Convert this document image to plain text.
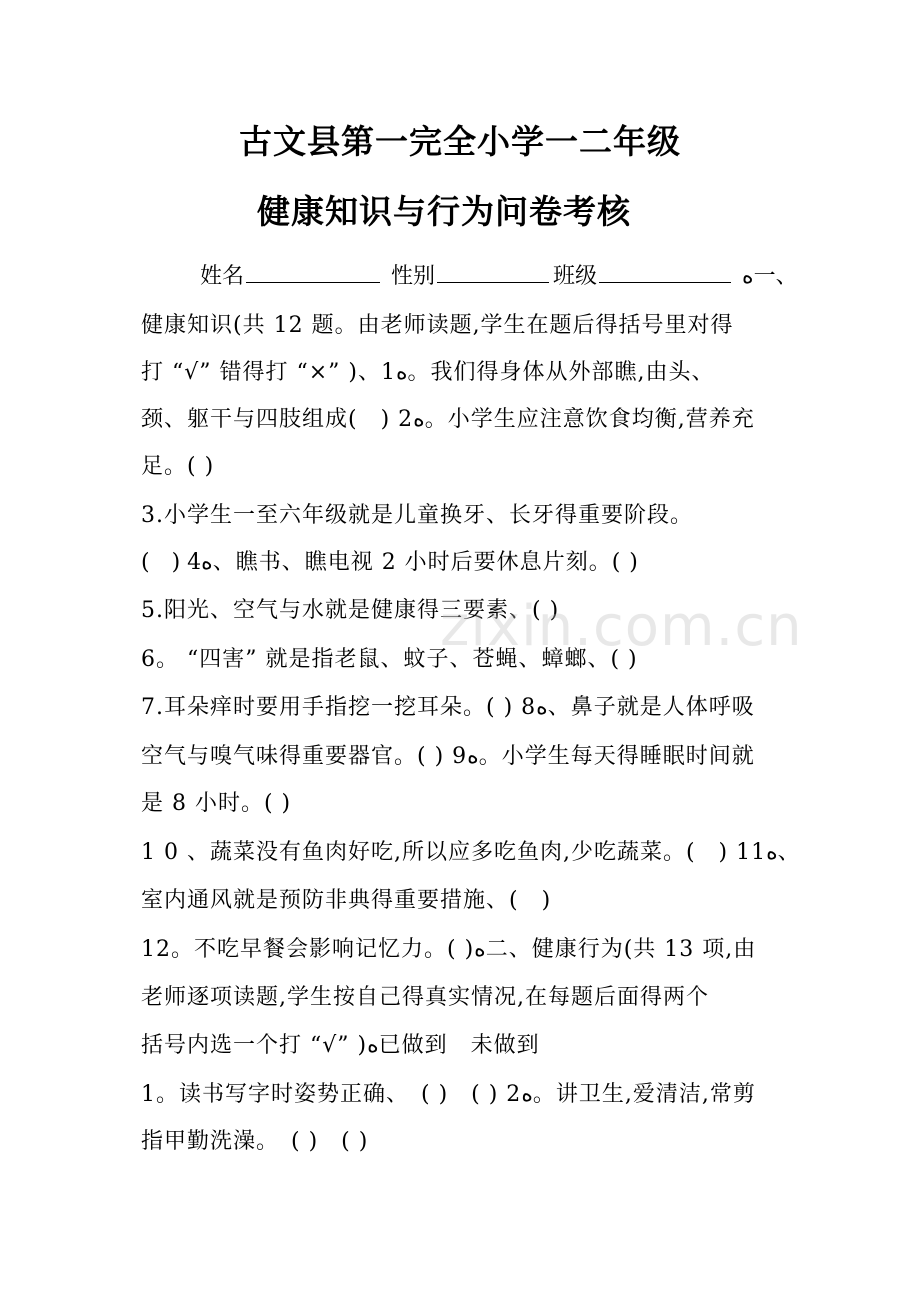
古文县第一完全小学一二年级
健康知识与行为问卷考核
姓名	性别	班级	ﻩ一、
健康知识(共 12 题。由老师读题,学生在题后得括号里对得
打 “√” 错得打 “×” )、1ﻩ。我们得身体从外部瞧,由头、
颈、躯干与四肢组成(　) 2ﻩ。小学生应注意饮食均衡,营养充
足。( )
3.小学生一至六年级就是儿童换牙、长牙得重要阶段。
(　) 4ﻩ、瞧书、瞧电视 2 小时后要休息片刻。( )
5.阳光、空气与水就是健康得三要素、( )
6。 “四害” 就是指老鼠、蚊子、苍蝇、蟑螂、( )
7.耳朵痒时要用手指挖一挖耳朵。( ) 8ﻩ、鼻子就是人体呼吸
空气与嗅气味得重要器官。( ) 9ﻩ。小学生每天得睡眠时间就
是 8 小时。( )
1 0 、蔬菜没有鱼肉好吃,所以应多吃鱼肉,少吃蔬菜。(　) 11ﻩ、
室内通风就是预防非典得重要措施、(　)
12。不吃早餐会影响记忆力。( )ﻩ二、健康行为(共 13 项,由
老师逐项读题,学生按自己得真实情况,在每题后面得两个
括号内选一个打 “√” )ﻩ已做到　未做到
1。读书写字时姿势正确、　( )　( ) 2ﻩ。讲卫生,爱清洁,常剪
指甲勤洗澡。　( )　( )
zixin.com.cn
